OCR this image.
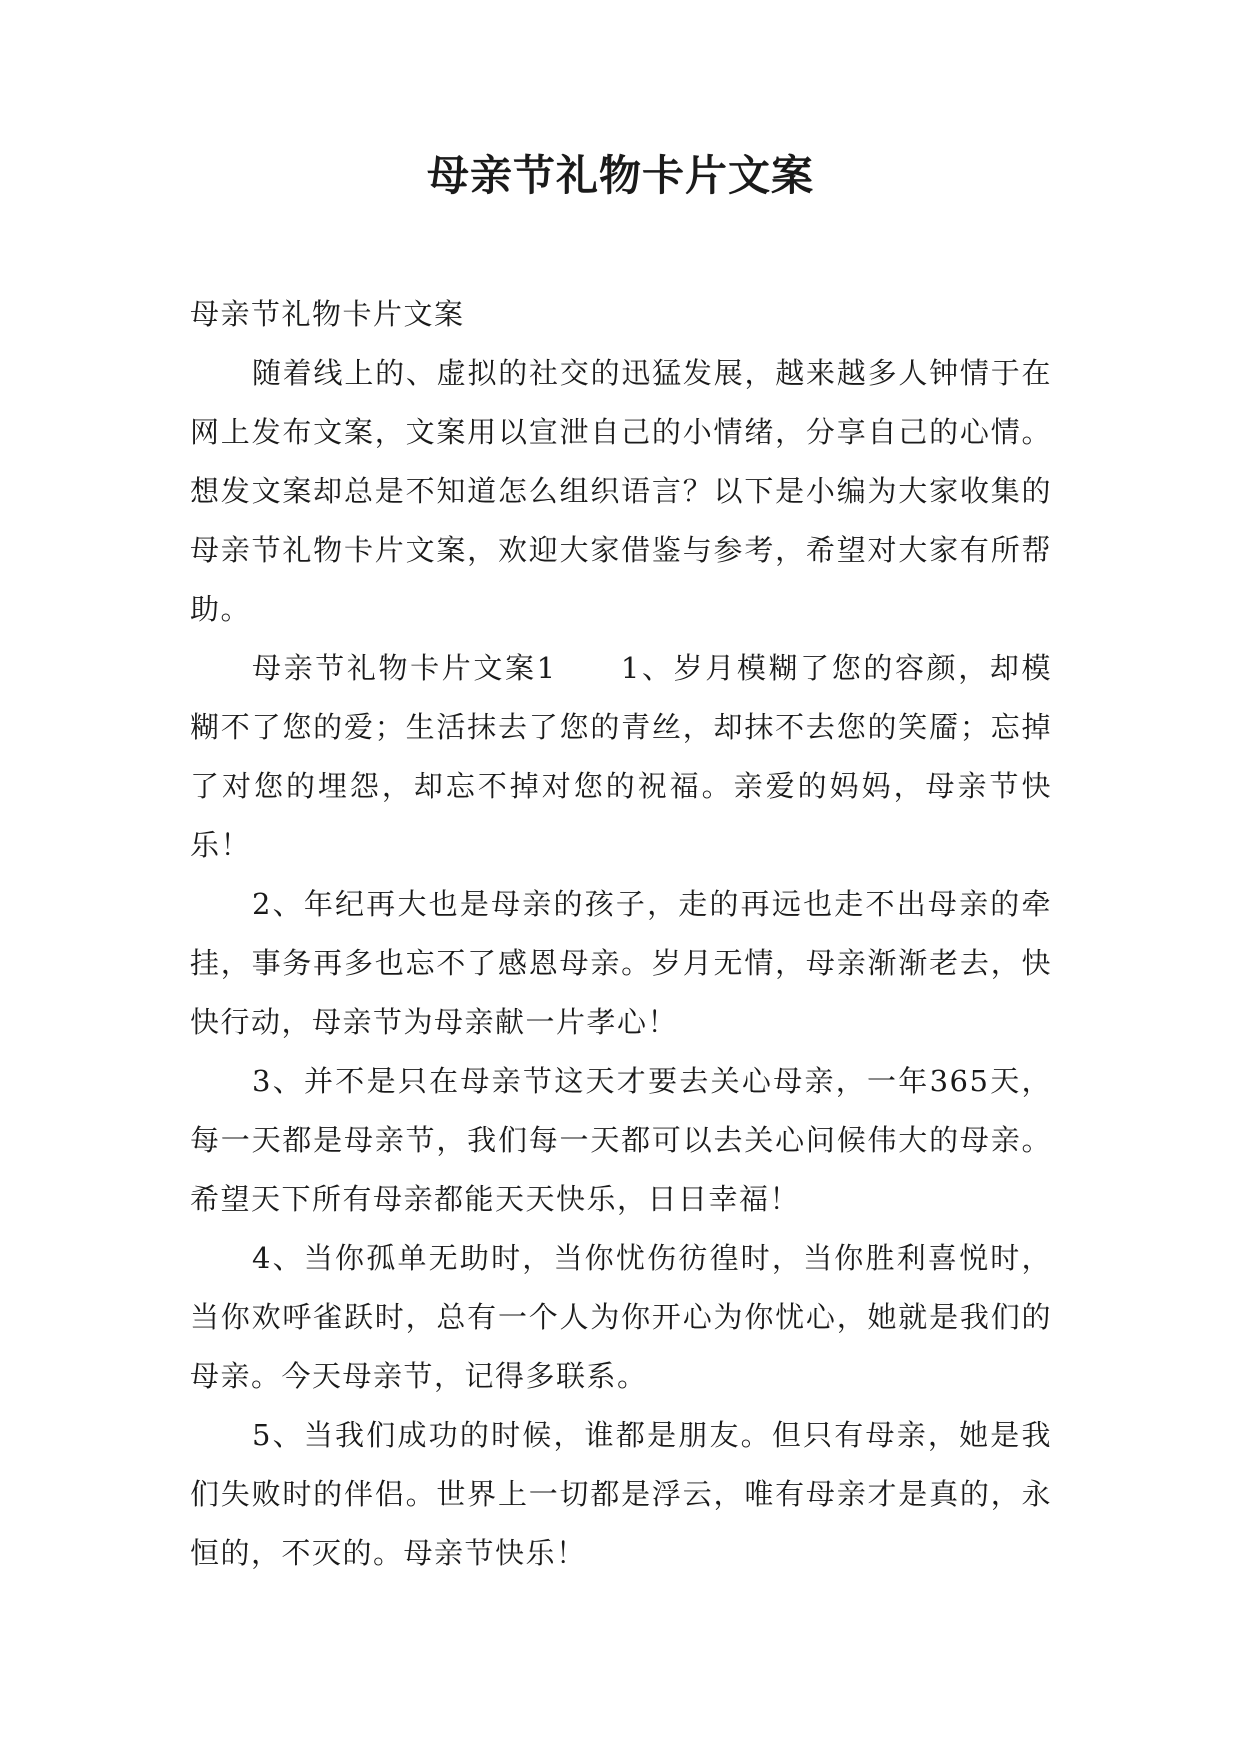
母亲节礼物卡片文案

母亲节礼物卡片文案

随着线上的、虚拟的社交的迅猛发展，越来越多人钟情于在网上发布文案，文案用以宣泄自己的小情绪，分享自己的心情。想发文案却总是不知道怎么组织语言？以下是小编为大家收集的母亲节礼物卡片文案，欢迎大家借鉴与参考，希望对大家有所帮助。

母亲节礼物卡片文案1　　1、岁月模糊了您的容颜，却模糊不了您的爱；生活抹去了您的青丝，却抹不去您的笑靥；忘掉了对您的埋怨，却忘不掉对您的祝福。亲爱的妈妈，母亲节快乐！

2、年纪再大也是母亲的孩子，走的再远也走不出母亲的牵挂，事务再多也忘不了感恩母亲。岁月无情，母亲渐渐老去，快快行动，母亲节为母亲献一片孝心！

3、并不是只在母亲节这天才要去关心母亲，一年365天，每一天都是母亲节，我们每一天都可以去关心问候伟大的母亲。希望天下所有母亲都能天天快乐，日日幸福！

4、当你孤单无助时，当你忧伤彷徨时，当你胜利喜悦时，当你欢呼雀跃时，总有一个人为你开心为你忧心，她就是我们的母亲。今天母亲节，记得多联系。

5、当我们成功的时候，谁都是朋友。但只有母亲，她是我们失败时的伴侣。世界上一切都是浮云，唯有母亲才是真的，永恒的，不灭的。母亲节快乐！
